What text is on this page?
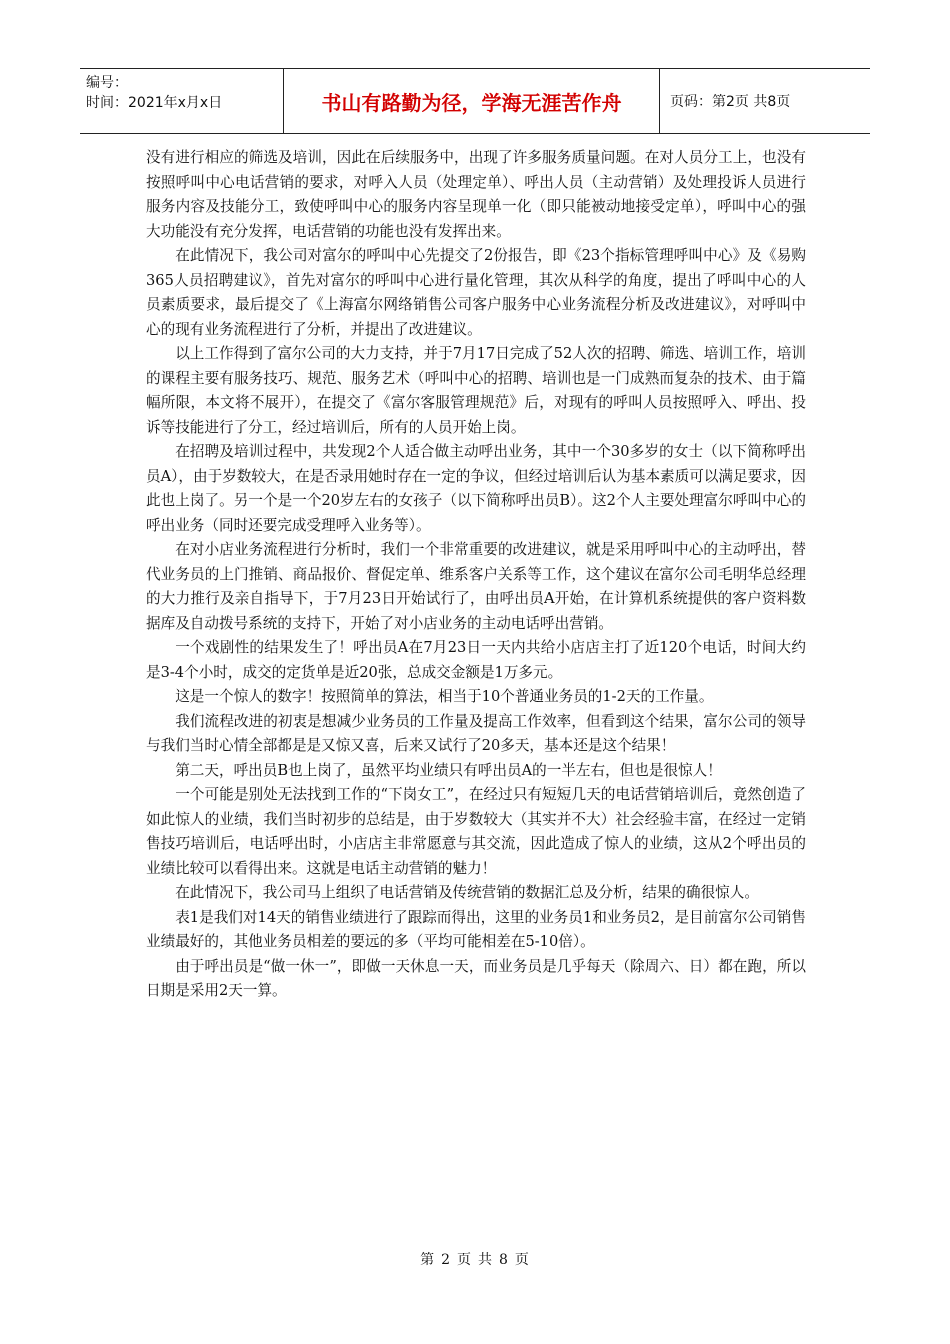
编号：
时间：2021年x月x日	书山有路勤为径，学海无涯苦作舟	页码：第2页 共8页

没有进行相应的筛选及培训，因此在后续服务中，出现了许多服务质量问题。在对人员分工上，也没有按照呼叫中心电话营销的要求，对呼入人员（处理定单）、呼出人员（主动营销）及处理投诉人员进行服务内容及技能分工，致使呼叫中心的服务内容呈现单一化（即只能被动地接受定单），呼叫中心的强大功能没有充分发挥，电话营销的功能也没有发挥出来。

在此情况下，我公司对富尔的呼叫中心先提交了2份报告，即《23个指标管理呼叫中心》及《易购365人员招聘建议》，首先对富尔的呼叫中心进行量化管理，其次从科学的角度，提出了呼叫中心的人员素质要求，最后提交了《上海富尔网络销售公司客户服务中心业务流程分析及改进建议》，对呼叫中心的现有业务流程进行了分析，并提出了改进建议。

以上工作得到了富尔公司的大力支持，并于7月17日完成了52人次的招聘、筛选、培训工作，培训的课程主要有服务技巧、规范、服务艺术（呼叫中心的招聘、培训也是一门成熟而复杂的技术、由于篇幅所限，本文将不展开），在提交了《富尔客服管理规范》后，对现有的呼叫人员按照呼入、呼出、投诉等技能进行了分工，经过培训后，所有的人员开始上岗。

在招聘及培训过程中，共发现2个人适合做主动呼出业务，其中一个30多岁的女士（以下简称呼出员A），由于岁数较大，在是否录用她时存在一定的争议，但经过培训后认为基本素质可以满足要求，因此也上岗了。另一个是一个20岁左右的女孩子（以下简称呼出员B）。这2个人主要处理富尔呼叫中心的呼出业务（同时还要完成受理呼入业务等）。

在对小店业务流程进行分析时，我们一个非常重要的改进建议，就是采用呼叫中心的主动呼出，替代业务员的上门推销、商品报价、督促定单、维系客户关系等工作，这个建议在富尔公司毛明华总经理的大力推行及亲自指导下，于7月23日开始试行了，由呼出员A开始，在计算机系统提供的客户资料数据库及自动拨号系统的支持下，开始了对小店业务的主动电话呼出营销。

一个戏剧性的结果发生了！呼出员A在7月23日一天内共给小店店主打了近120个电话，时间大约是3-4个小时，成交的定货单是近20张，总成交金额是1万多元。

这是一个惊人的数字！按照简单的算法，相当于10个普通业务员的1-2天的工作量。

我们流程改进的初衷是想减少业务员的工作量及提高工作效率，但看到这个结果，富尔公司的领导与我们当时心情全部都是是又惊又喜，后来又试行了20多天，基本还是这个结果！

第二天，呼出员B也上岗了，虽然平均业绩只有呼出员A的一半左右，但也是很惊人！

一个可能是别处无法找到工作的“下岗女工”，在经过只有短短几天的电话营销培训后，竟然创造了如此惊人的业绩，我们当时初步的总结是，由于岁数较大（其实并不大）社会经验丰富，在经过一定销售技巧培训后，电话呼出时，小店店主非常愿意与其交流，因此造成了惊人的业绩，这从2个呼出员的业绩比较可以看得出来。这就是电话主动营销的魅力！

在此情况下，我公司马上组织了电话营销及传统营销的数据汇总及分析，结果的确很惊人。

表1是我们对14天的销售业绩进行了跟踪而得出，这里的业务员1和业务员2，是目前富尔公司销售业绩最好的，其他业务员相差的要远的多（平均可能相差在5-10倍）。

由于呼出员是“做一休一”，即做一天休息一天，而业务员是几乎每天（除周六、日）都在跑，所以日期是采用2天一算。

第 2 页 共 8 页
